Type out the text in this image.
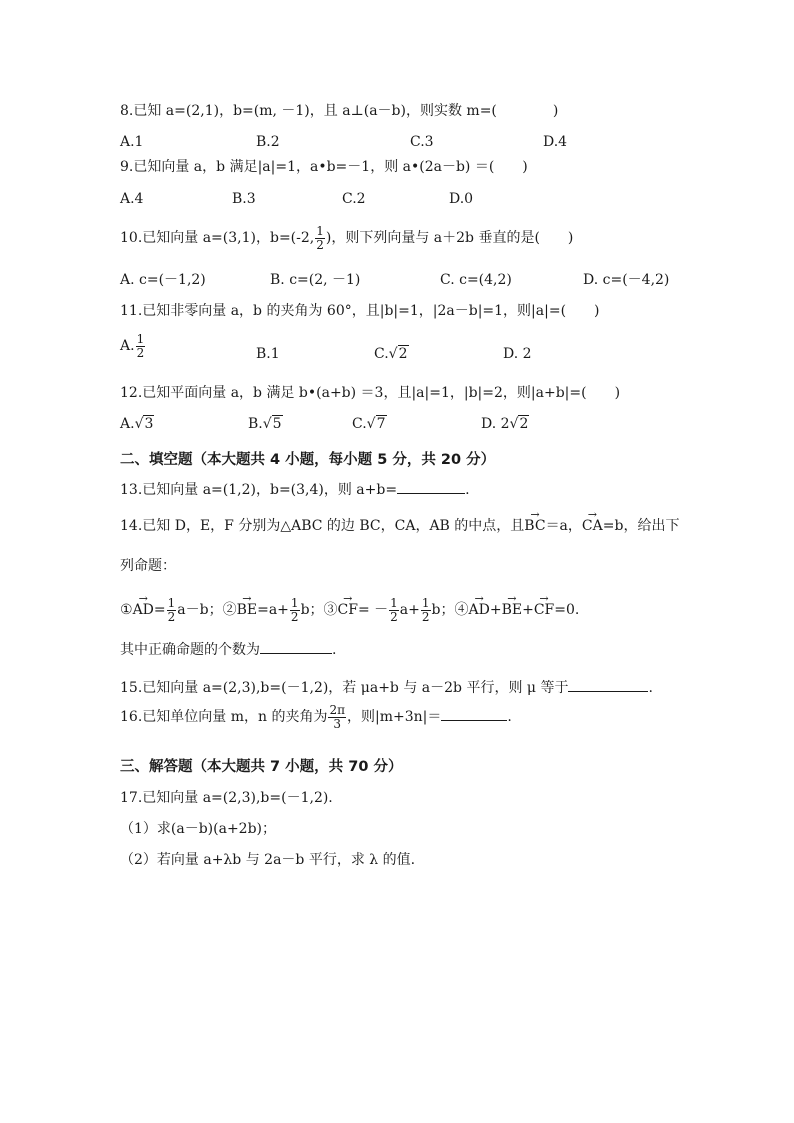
8.已知 a=(2,1)，b=(m, －1)，且 a⊥(a－b)，则实数 m=(　　　　)
A.1	B.2	C.3	D.4
9.已知向量 a，b 满足|a|=1，a•b=－1，则 a•(2a－b) ＝(　　)
A.4	B.3	C.2	D.0
10.已知向量 a=(3,1)，b=(-2, $\frac{1}{2}$ )，则下列向量与 a＋2b 垂直的是(　　)
A. c=(－1,2)	B. c=(2, －1)	C. c=(4,2)	D. c=(－4,2)
11.已知非零向量 a，b 的夹角为 60°，且|b|=1，|2a－b|=1，则|a|=(　　)
A. $\frac{1}{2}$	B.1	C.√2	D. 2
12.已知平面向量 a，b 满足 b•(a+b) ＝3，且|a|=1，|b|=2，则|a+b|=(　　)
A.√3	B.√5	C.√7	D. 2√2
二、填空题（本大题共 4 小题，每小题 5 分，共 20 分）
13.已知向量 a=(1,2)，b=(3,4)，则 a+b=	.
14.已知 D，E，F 分别为△ABC 的边 BC，CA，AB 的中点，且→ BC＝a，→ CA=b，给出下
列命题：
①→ $AD= \frac{1}{2} a-b$；②→ $BE=a+ \frac{1}{2}$ b；③→ $CF= - \frac{1}{2} a+ \frac{1}{2}$ b；④→ AD+→ BE+→ CF=0.
其中正确命题的个数为	.
15.已知向量 a=(2,3),b=(－1,2)，若 μa+b 与 a－2b 平行，则 μ 等于	.
16.已知单位向量 m，n 的夹角为 $\frac{2\pi}{3}$ ，则|m+3n|＝	.
三、解答题（本大题共 7 小题，共 70 分）
17.已知向量 a=(2,3),b=(－1,2).
（1）求(a－b)(a+2b)；
（2）若向量 a+λb 与 2a－b 平行，求 λ 的值.
